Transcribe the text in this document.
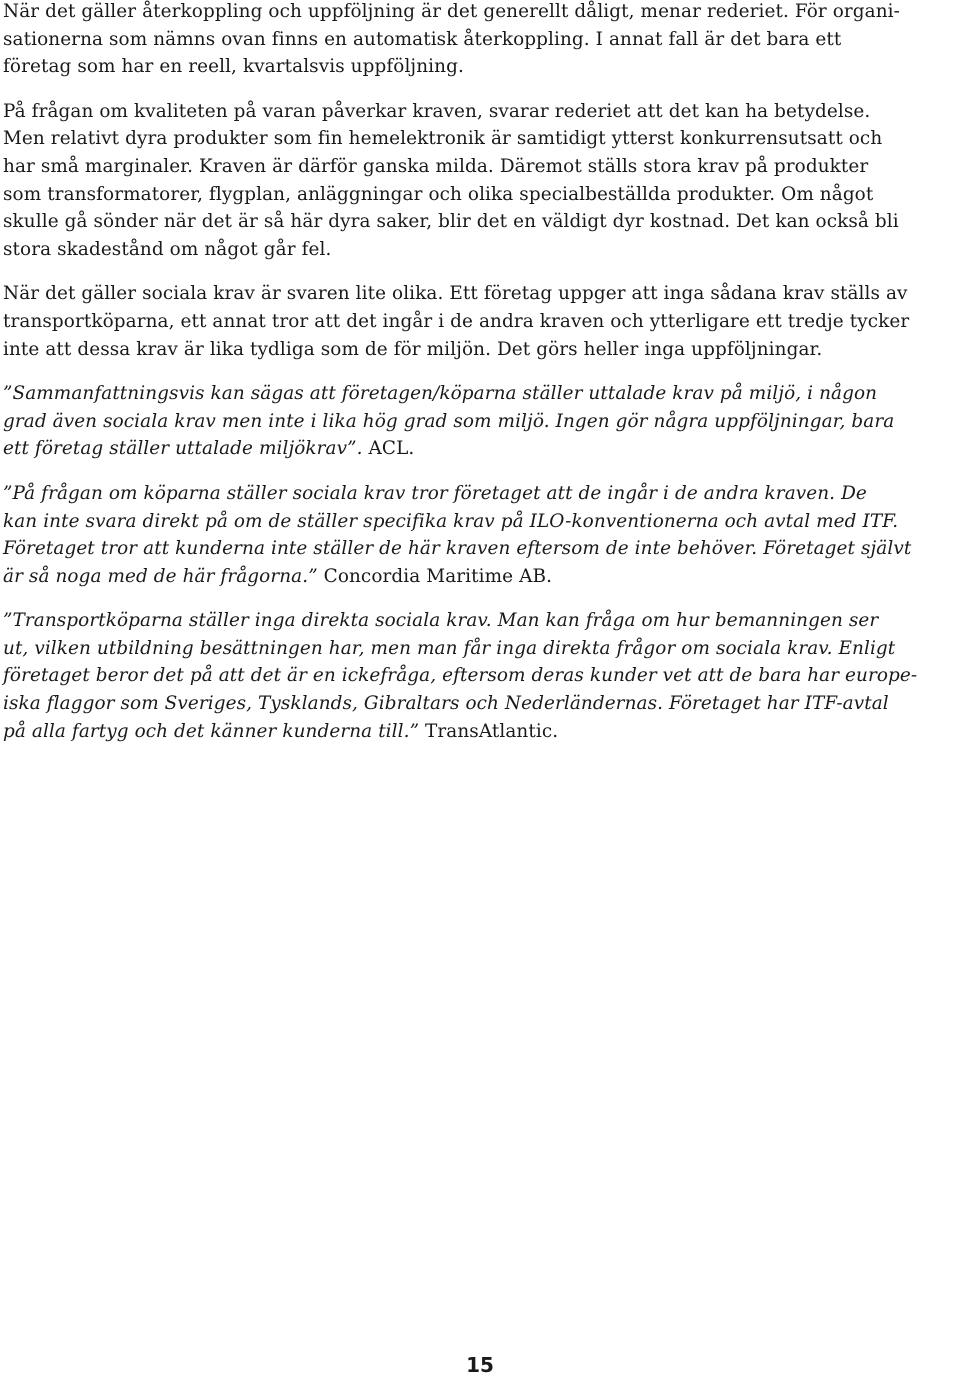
När det gäller återkoppling och uppföljning är det generellt dåligt, menar rederiet. För organi-
sationerna som nämns ovan finns en automatisk återkoppling. I annat fall är det bara ett
företag som har en reell, kvartalsvis uppföljning.

På frågan om kvaliteten på varan påverkar kraven, svarar rederiet att det kan ha betydelse.
Men relativt dyra produkter som fin hemelektronik är samtidigt ytterst konkurrensutsatt och
har små marginaler. Kraven är därför ganska milda. Däremot ställs stora krav på produkter
som transformatorer, flygplan, anläggningar och olika specialbeställda produkter. Om något
skulle gå sönder när det är så här dyra saker, blir det en väldigt dyr kostnad. Det kan också bli
stora skadestånd om något går fel.

När det gäller sociala krav är svaren lite olika. Ett företag uppger att inga sådana krav ställs av
transportköparna, ett annat tror att det ingår i de andra kraven och ytterligare ett tredje tycker
inte att dessa krav är lika tydliga som de för miljön. Det görs heller inga uppföljningar.

”Sammanfattningsvis kan sägas att företagen/köparna ställer uttalade krav på miljö, i någon
grad även sociala krav men inte i lika hög grad som miljö. Ingen gör några uppföljningar, bara
ett företag ställer uttalade miljökrav”. ACL.

”På frågan om köparna ställer sociala krav tror företaget att de ingår i de andra kraven. De
kan inte svara direkt på om de ställer specifika krav på ILO-konventionerna och avtal med ITF.
Företaget tror att kunderna inte ställer de här kraven eftersom de inte behöver. Företaget självt
är så noga med de här frågorna.” Concordia Maritime AB.

”Transportköparna ställer inga direkta sociala krav. Man kan fråga om hur bemanningen ser
ut, vilken utbildning besättningen har, men man får inga direkta frågor om sociala krav. Enligt
företaget beror det på att det är en ickefråga, eftersom deras kunder vet att de bara har europe-
iska flaggor som Sveriges, Tysklands, Gibraltars och Nederländernas. Företaget har ITF-avtal
på alla fartyg och det känner kunderna till.” TransAtlantic.

15
